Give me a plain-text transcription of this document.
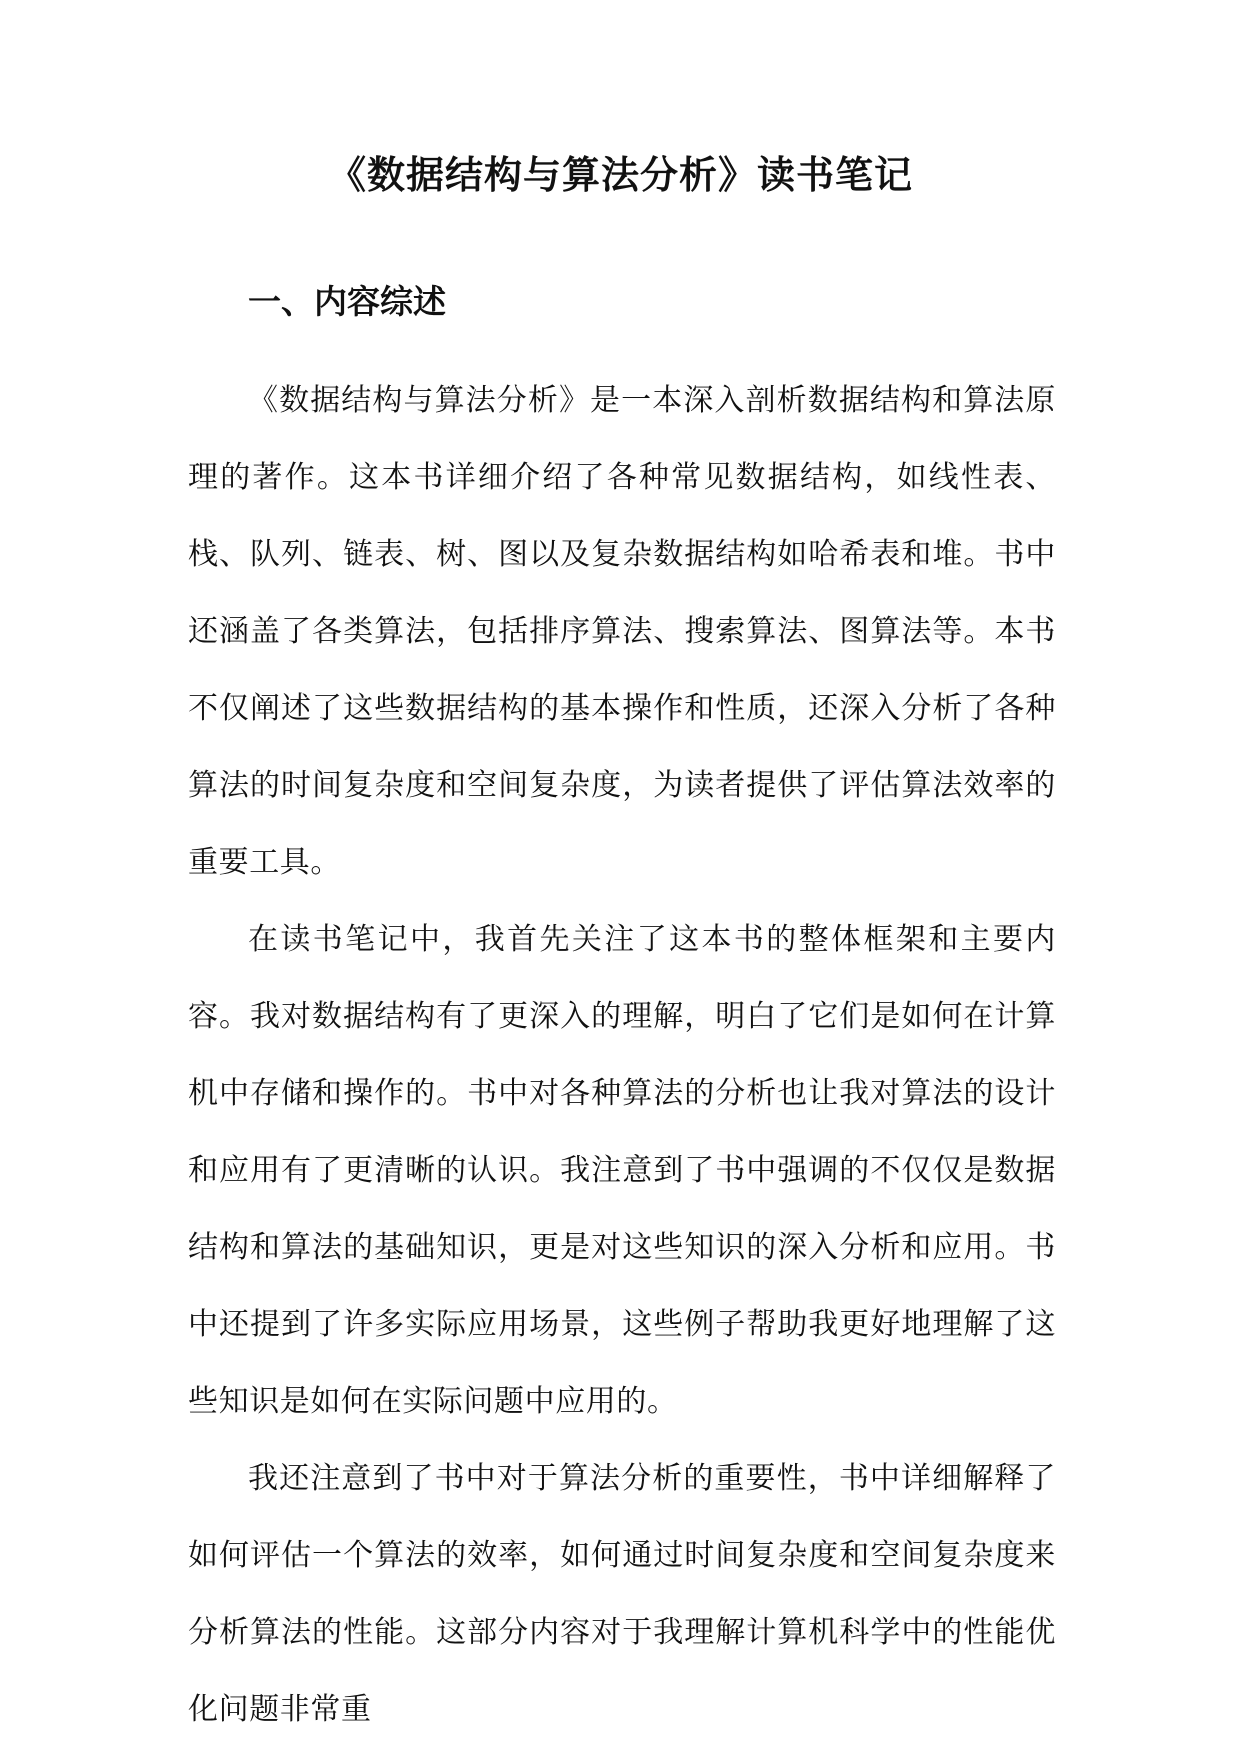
《数据结构与算法分析》读书笔记
一、内容综述

《数据结构与算法分析》是一本深入剖析数据结构和算法原理的著作。这本书详细介绍了各种常见数据结构，如线性表、栈、队列、链表、树、图以及复杂数据结构如哈希表和堆。书中还涵盖了各类算法，包括排序算法、搜索算法、图算法等。本书不仅阐述了这些数据结构的基本操作和性质，还深入分析了各种算法的时间复杂度和空间复杂度，为读者提供了评估算法效率的重要工具。

在读书笔记中，我首先关注了这本书的整体框架和主要内容。我对数据结构有了更深入的理解，明白了它们是如何在计算机中存储和操作的。书中对各种算法的分析也让我对算法的设计和应用有了更清晰的认识。我注意到了书中强调的不仅仅是数据结构和算法的基础知识，更是对这些知识的深入分析和应用。书中还提到了许多实际应用场景，这些例子帮助我更好地理解了这些知识是如何在实际问题中应用的。

我还注意到了书中对于算法分析的重要性，书中详细解释了如何评估一个算法的效率，如何通过时间复杂度和空间复杂度来分析算法的性能。这部分内容对于我理解计算机科学中的性能优化问题非常重
